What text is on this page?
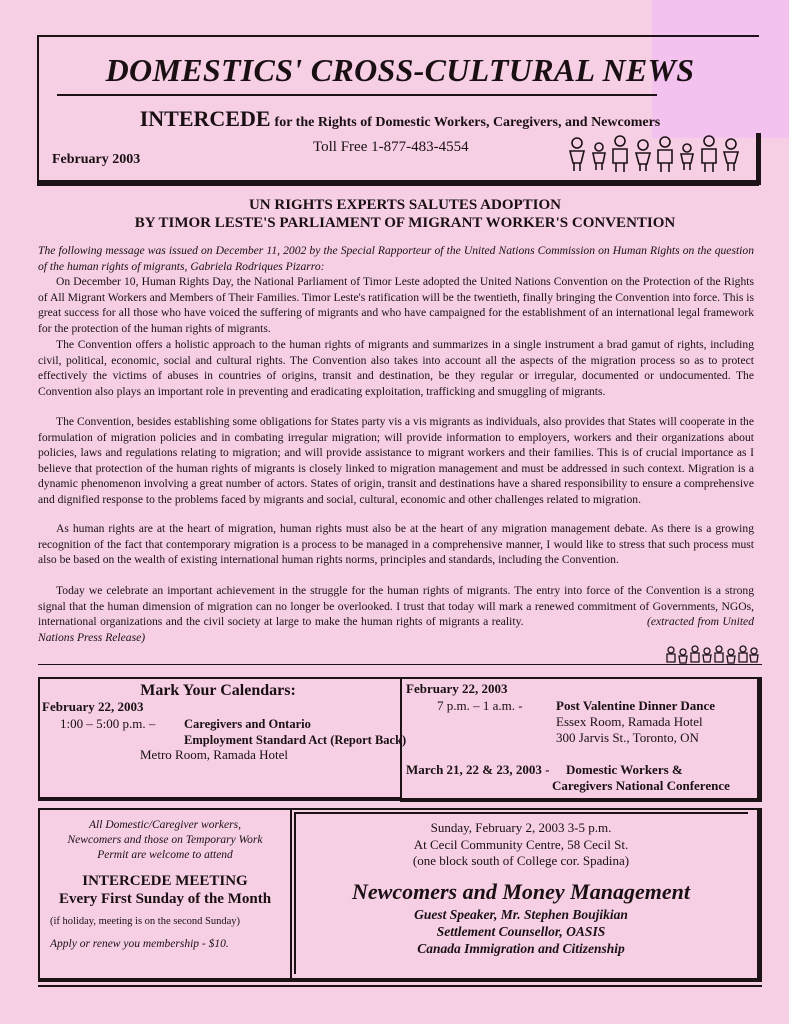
DOMESTICS' CROSS-CULTURAL NEWS
INTERCEDE for the Rights of Domestic Workers, Caregivers, and Newcomers
February 2003
Toll Free 1-877-483-4554
UN RIGHTS EXPERTS SALUTES ADOPTION
BY TIMOR LESTE'S PARLIAMENT OF MIGRANT WORKER'S CONVENTION
The following message was issued on December 11, 2002 by the Special Rapporteur of the United Nations Commission on Human Rights on the question of the human rights of migrants, Gabriela Rodriques Pizarro:
On December 10, Human Rights Day, the National Parliament of Timor Leste adopted the United Nations Convention on the Protection of the Rights of All Migrant Workers and Members of Their Families. Timor Leste's ratification will be the twentieth, finally bringing the Convention into force. This is great success for all those who have voiced the suffering of migrants and who have campaigned for the establishment of an international legal framework for the protection of the human rights of migrants.
The Convention offers a holistic approach to the human rights of migrants and summarizes in a single instrument a brad gamut of rights, including civil, political, economic, social and cultural rights. The Convention also takes into account all the aspects of the migration process so as to protect effectively the victims of abuses in countries of origins, transit and destination, be they regular or irregular, documented or undocumented. The Convention also plays an important role in preventing and eradicating exploitation, trafficking and smuggling of migrants.
The Convention, besides establishing some obligations for States party vis a vis migrants as individuals, also provides that States will cooperate in the formulation of migration policies and in combating irregular migration; will provide information to employers, workers and their organizations about policies, laws and regulations relating to migration; and will provide assistance to migrant workers and their families. This is of crucial importance as I believe that protection of the human rights of migrants is closely linked to migration management and must be addressed in such context. Migration is a dynamic phenomenon involving a great number of actors. States of origin, transit and destinations have a shared responsibility to ensure a comprehensive and dignified response to the problems faced by migrants and social, cultural, economic and other challenges related to migration.
As human rights are at the heart of migration, human rights must also be at the heart of any migration management debate. As there is a growing recognition of the fact that contemporary migration is a process to be managed in a comprehensive manner, I would like to stress that such process must also be based on the wealth of existing international human rights norms, principles and standards, including the Convention.
Today we celebrate an important achievement in the struggle for the human rights of migrants. The entry into force of the Convention is a strong signal that the human dimension of migration can no longer be overlooked. I trust that today will mark a renewed commitment of Governments, NGOs, international organizations and the civil society at large to make the human rights of migrants a reality.	(extracted from United Nations Press Release)
Mark Your Calendars:
February 22, 2003
1:00 – 5:00 p.m. – Caregivers and Ontario
Employment Standard Act (Report Back)
Metro Room, Ramada Hotel
February 22, 2003
7 p.m. – 1 a.m. -	Post Valentine Dinner Dance
Essex Room, Ramada Hotel
300 Jarvis St., Toronto, ON
March 21, 22 & 23, 2003 - Domestic Workers &
Caregivers National Conference
All Domestic/Caregiver workers,
Newcomers and those on Temporary Work
Permit are welcome to attend
INTERCEDE MEETING
Every First Sunday of the Month
(if holiday, meeting is on the second Sunday)
Apply or renew you membership - $10.
Sunday, February 2, 2003 3-5 p.m.
At Cecil Community Centre, 58 Cecil St.
(one block south of College cor. Spadina)
Newcomers and Money Management
Guest Speaker, Mr. Stephen Boujikian
Settlement Counsellor, OASIS
Canada Immigration and Citizenship
